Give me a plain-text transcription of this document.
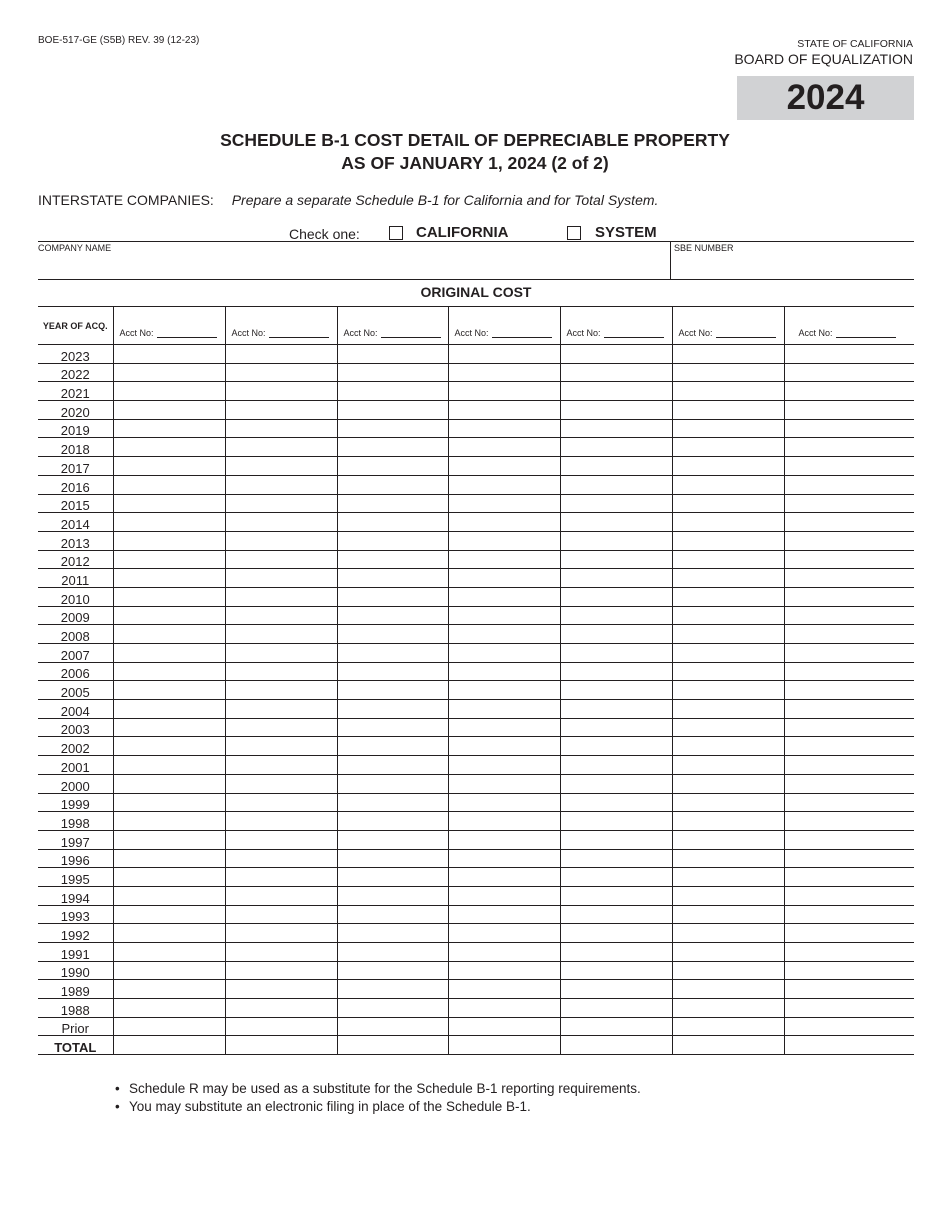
BOE-517-GE (S5B) REV. 39 (12-23)	STATE OF CALIFORNIA
BOARD OF EQUALIZATION
2024
SCHEDULE B-1 COST DETAIL OF DEPRECIABLE PROPERTY
AS OF JANUARY 1, 2024 (2 of 2)
INTERSTATE COMPANIES: Prepare a separate Schedule B-1 for California and for Total System.
Check one:	CALIFORNIA	SYSTEM
COMPANY NAME	SBE NUMBER
ORIGINAL COST
YEAR OF ACQ.	Acct No:	Acct No:	Acct No:	Acct No:	Acct No:	Acct No:	Acct No:

2023							
2022							
2021							
2020							
2019							
2018							
2017							
2016							
2015							
2014							
2013							
2012							
2011							
2010							
2009							
2008							
2007							
2006							
2005							
2004							
2003							
2002							
2001							
2000							
1999							
1998							
1997							
1996							
1995							
1994							
1993							
1992							
1991							
1990							
1989							
1988							
Prior							
TOTAL							
• Schedule R may be used as a substitute for the Schedule B-1 reporting requirements.
• You may substitute an electronic filing in place of the Schedule B-1.
